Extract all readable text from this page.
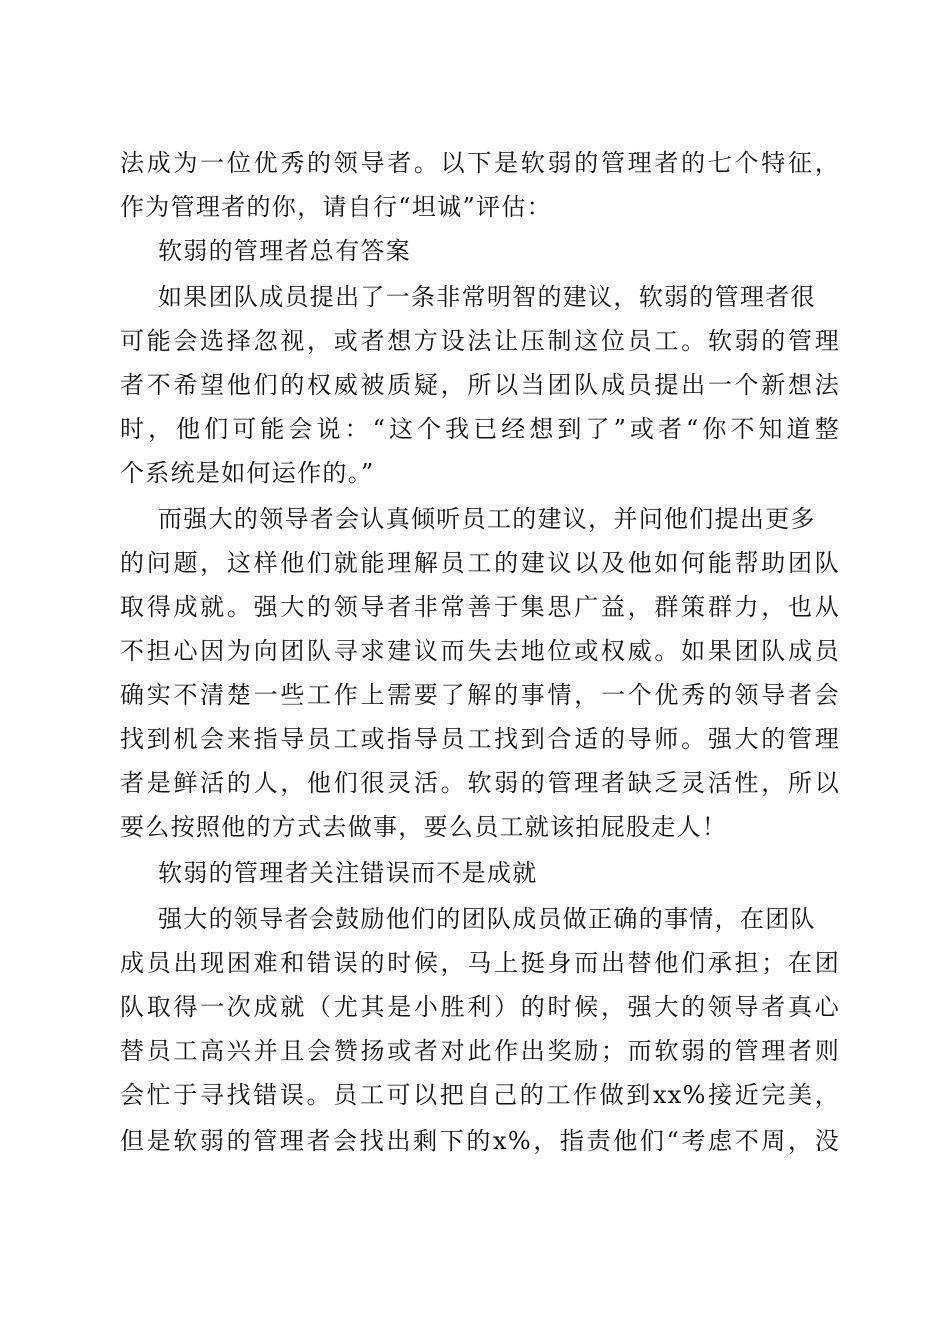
法成为一位优秀的领导者。以下是软弱的管理者的七个特征，
作为管理者的你，请自行“坦诚”评估：
软弱的管理者总有答案
如果团队成员提出了一条非常明智的建议，软弱的管理者很
可能会选择忽视，或者想方设法让压制这位员工。软弱的管理
者不希望他们的权威被质疑，所以当团队成员提出一个新想法
时，他们可能会说：“这个我已经想到了”或者“你不知道整
个系统是如何运作的。”
而强大的领导者会认真倾听员工的建议，并问他们提出更多
的问题，这样他们就能理解员工的建议以及他如何能帮助团队
取得成就。强大的领导者非常善于集思广益，群策群力，也从
不担心因为向团队寻求建议而失去地位或权威。如果团队成员
确实不清楚一些工作上需要了解的事情，一个优秀的领导者会
找到机会来指导员工或指导员工找到合适的导师。强大的管理
者是鲜活的人，他们很灵活。软弱的管理者缺乏灵活性，所以
要么按照他的方式去做事，要么员工就该拍屁股走人！
软弱的管理者关注错误而不是成就
强大的领导者会鼓励他们的团队成员做正确的事情，在团队
成员出现困难和错误的时候，马上挺身而出替他们承担；在团
队取得一次成就（尤其是小胜利）的时候，强大的领导者真心
替员工高兴并且会赞扬或者对此作出奖励；而软弱的管理者则
会忙于寻找错误。员工可以把自己的工作做到xx%接近完美，
但是软弱的管理者会找出剩下的x%，指责他们“考虑不周，没
